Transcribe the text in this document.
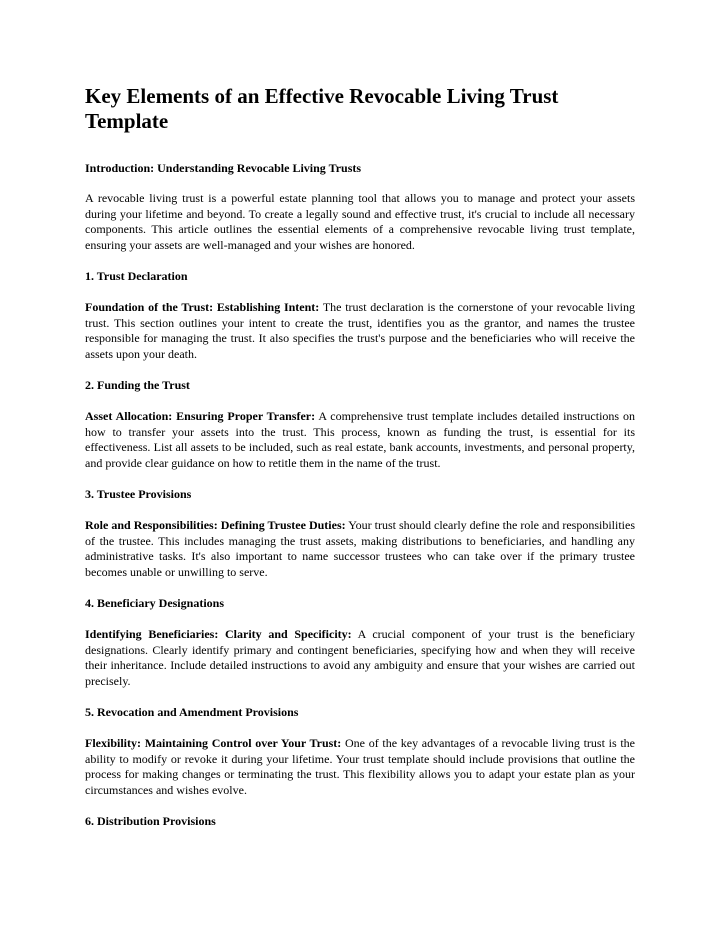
Key Elements of an Effective Revocable Living Trust Template
Introduction: Understanding Revocable Living Trusts

A revocable living trust is a powerful estate planning tool that allows you to manage and protect your assets during your lifetime and beyond. To create a legally sound and effective trust, it's crucial to include all necessary components. This article outlines the essential elements of a comprehensive revocable living trust template, ensuring your assets are well-managed and your wishes are honored.

1. Trust Declaration

Foundation of the Trust: Establishing Intent: The trust declaration is the cornerstone of your revocable living trust. This section outlines your intent to create the trust, identifies you as the grantor, and names the trustee responsible for managing the trust. It also specifies the trust's purpose and the beneficiaries who will receive the assets upon your death.

2. Funding the Trust

Asset Allocation: Ensuring Proper Transfer: A comprehensive trust template includes detailed instructions on how to transfer your assets into the trust. This process, known as funding the trust, is essential for its effectiveness. List all assets to be included, such as real estate, bank accounts, investments, and personal property, and provide clear guidance on how to retitle them in the name of the trust.

3. Trustee Provisions

Role and Responsibilities: Defining Trustee Duties: Your trust should clearly define the role and responsibilities of the trustee. This includes managing the trust assets, making distributions to beneficiaries, and handling any administrative tasks. It's also important to name successor trustees who can take over if the primary trustee becomes unable or unwilling to serve.

4. Beneficiary Designations

Identifying Beneficiaries: Clarity and Specificity: A crucial component of your trust is the beneficiary designations. Clearly identify primary and contingent beneficiaries, specifying how and when they will receive their inheritance. Include detailed instructions to avoid any ambiguity and ensure that your wishes are carried out precisely.

5. Revocation and Amendment Provisions

Flexibility: Maintaining Control over Your Trust: One of the key advantages of a revocable living trust is the ability to modify or revoke it during your lifetime. Your trust template should include provisions that outline the process for making changes or terminating the trust. This flexibility allows you to adapt your estate plan as your circumstances and wishes evolve.

6. Distribution Provisions
